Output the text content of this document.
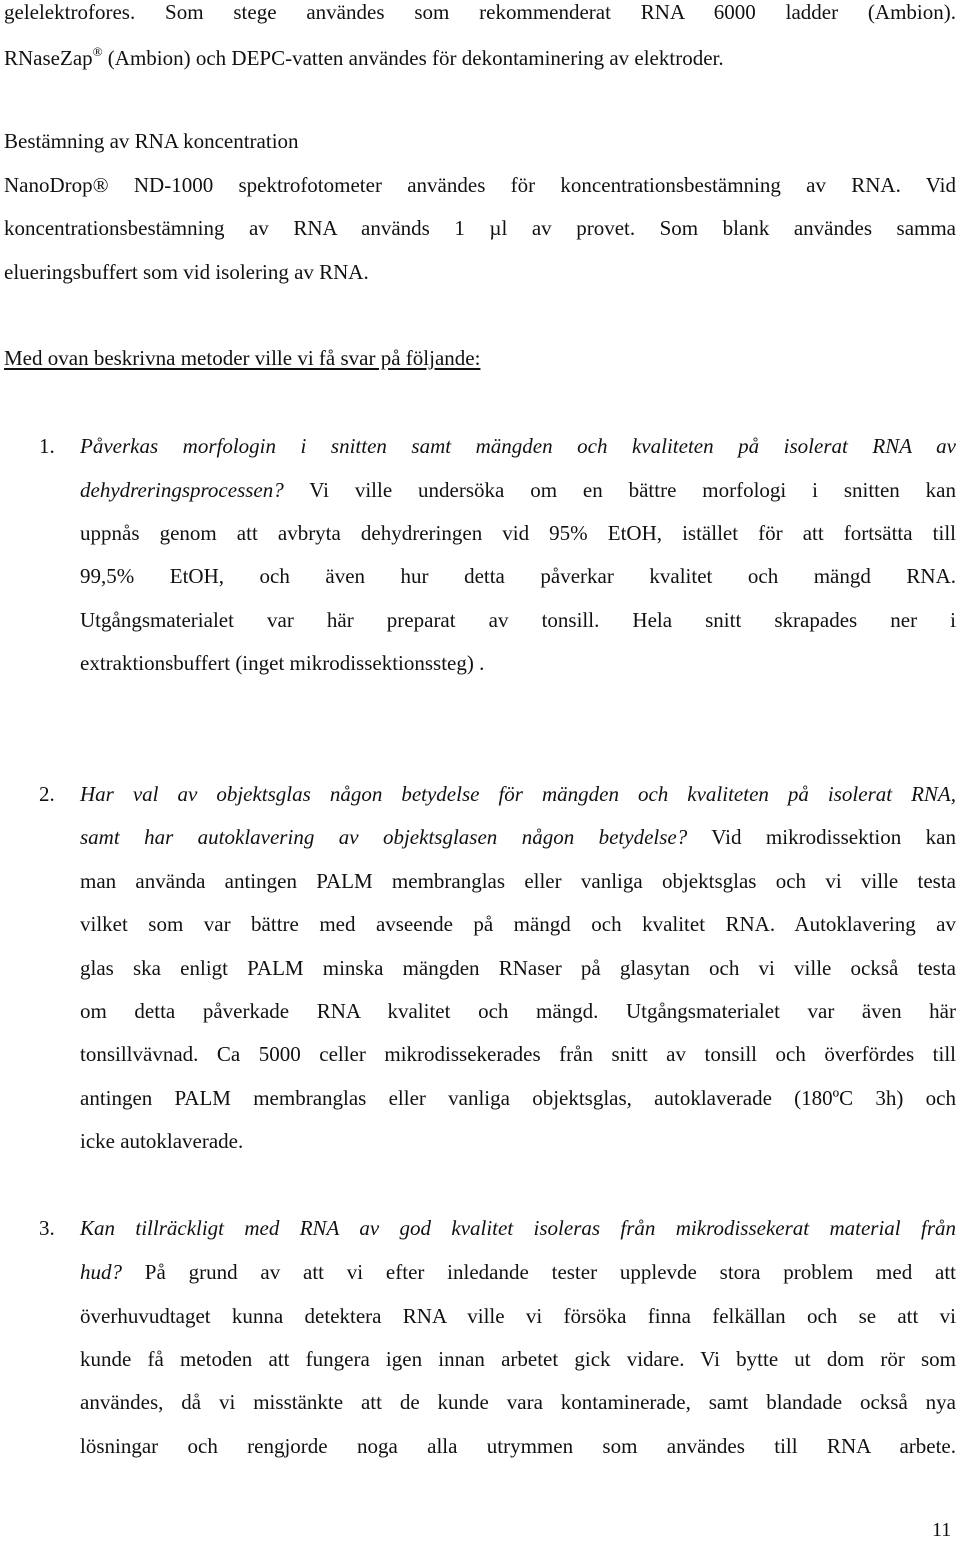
gelelektrofores. Som stege användes som rekommenderat RNA 6000 ladder (Ambion).
RNaseZap® (Ambion) och DEPC-vatten användes för dekontaminering av elektroder.
Bestämning av RNA koncentration
NanoDrop® ND-1000 spektrofotometer användes för koncentrationsbestämning av RNA. Vid
koncentrationsbestämning av RNA används 1 µl av provet. Som blank användes samma
elueringsbuffert som vid isolering av RNA.
Med ovan beskrivna metoder ville vi få svar på följande:
1. Påverkas morfologin i snitten samt mängden och kvaliteten på isolerat RNA av
dehydreringsprocessen? Vi ville undersöka om en bättre morfologi i snitten kan
uppnås genom att avbryta dehydreringen vid 95% EtOH, istället för att fortsätta till
99,5% EtOH, och även hur detta påverkar kvalitet och mängd RNA.
Utgångsmaterialet var här preparat av tonsill. Hela snitt skrapades ner i
extraktionsbuffert (inget mikrodissektionssteg) .
2. Har val av objektsglas någon betydelse för mängden och kvaliteten på isolerat RNA,
samt har autoklavering av objektsglasen någon betydelse? Vid mikrodissektion kan
man använda antingen PALM membranglas eller vanliga objektsglas och vi ville testa
vilket som var bättre med avseende på mängd och kvalitet RNA. Autoklavering av
glas ska enligt PALM minska mängden RNaser på glasytan och vi ville också testa
om detta påverkade RNA kvalitet och mängd. Utgångsmaterialet var även här
tonsillvävnad. Ca 5000 celler mikrodissekerades från snitt av tonsill och överfördes till
antingen PALM membranglas eller vanliga objektsglas, autoklaverade (180ºC 3h) och
icke autoklaverade.
3. Kan tillräckligt med RNA av god kvalitet isoleras från mikrodissekerat material från
hud? På grund av att vi efter inledande tester upplevde stora problem med att
överhuvudtaget kunna detektera RNA ville vi försöka finna felkällan och se att vi
kunde få metoden att fungera igen innan arbetet gick vidare. Vi bytte ut dom rör som
användes, då vi misstänkte att de kunde vara kontaminerade, samt blandade också nya
lösningar och rengjorde noga alla utrymmen som användes till RNA arbete.
11
